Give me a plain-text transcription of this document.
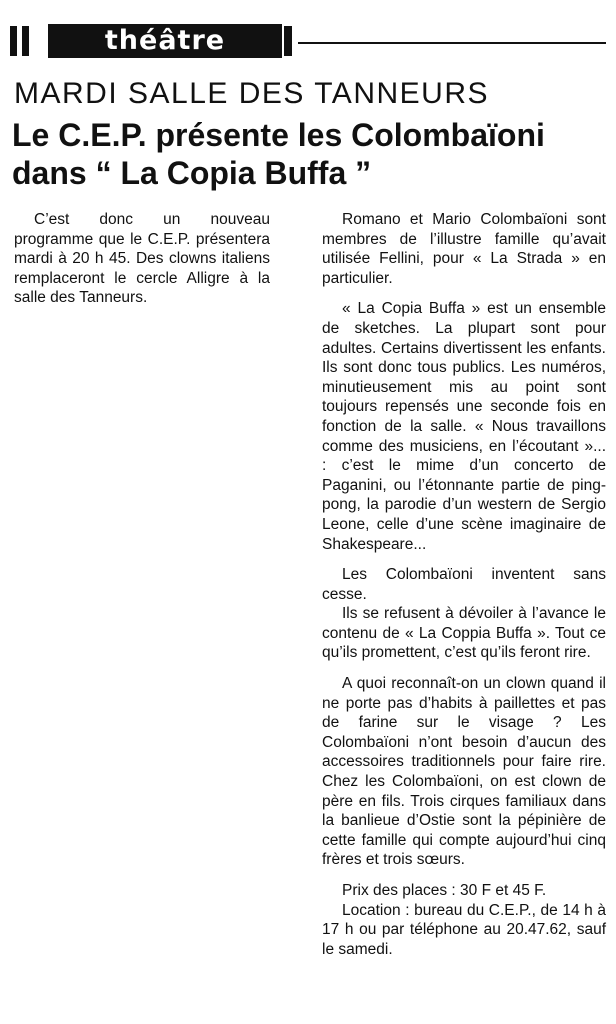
théâtre
MARDI SALLE DES TANNEURS
Le C.E.P. présente les Colombaïoni
dans “ La Copia Buffa ”

C’est donc un nouveau programme que le C.E.P. présentera mardi à 20 h 45. Des clowns italiens remplaceront le cercle Alligre à la salle des Tanneurs.

Romano et Mario Colombaïoni sont membres de l’illustre famille qu’avait utilisée Fellini, pour « La Strada » en particulier.

« La Copia Buffa » est un ensemble de sketches. La plupart sont pour adultes. Certains divertissent les enfants. Ils sont donc tous publics. Les numéros, minutieusement mis au point sont toujours repensés une seconde fois en fonction de la salle. « Nous travaillons comme des musiciens, en l’écoutant »... : c’est le mime d’un concerto de Paganini, ou l’étonnante partie de ping-pong, la parodie d’un western de Sergio Leone, celle d’une scène imaginaire de Shakespeare...

Les Colombaïoni inventent sans cesse.

Ils se refusent à dévoiler à l’avance le contenu de « La Coppia Buffa ». Tout ce qu’ils promettent, c’est qu’ils feront rire.

A quoi reconnaît-on un clown quand il ne porte pas d’habits à paillettes et pas de farine sur le visage ? Les Colombaïoni n’ont besoin d’aucun des accessoires traditionnels pour faire rire. Chez les Colombaïoni, on est clown de père en fils. Trois cirques familiaux dans la banlieue d’Ostie sont la pépinière de cette famille qui compte aujourd’hui cinq frères et trois sœurs.

Prix des places : 30 F et 45 F.

Location : bureau du C.E.P., de 14 h à 17 h ou par téléphone au 20.47.62, sauf le samedi.
